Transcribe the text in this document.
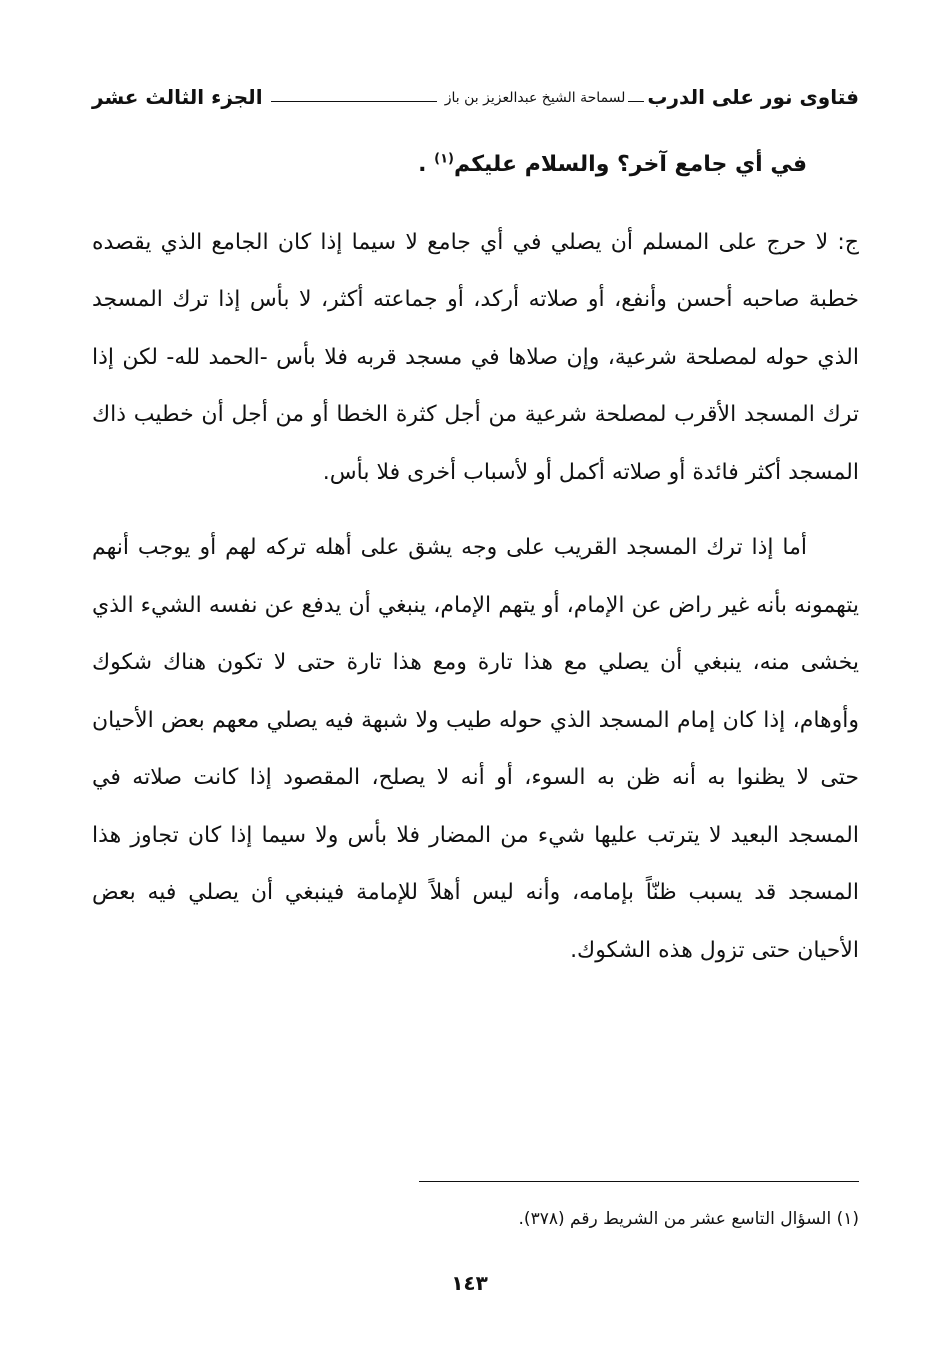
فتاوى نور على الدرب
لسماحة الشيخ عبدالعزيز بن باز
الجزء الثالث عشر

في أي جامع آخر؟ والسلام عليكم$^{(١)}$ .

ج: لا حرج على المسلم أن يصلي في أي جامع لا سيما إذا كان الجامع الذي يقصده خطبة صاحبه أحسن وأنفع، أو صلاته أركد، أو جماعته أكثر، لا بأس إذا ترك المسجد الذي حوله لمصلحة شرعية، وإن صلاها في مسجد قربه فلا بأس -الحمد لله- لكن إذا ترك المسجد الأقرب لمصلحة شرعية من أجل كثرة الخطا أو من أجل أن خطيب ذاك المسجد أكثر فائدة أو صلاته أكمل أو لأسباب أخرى فلا بأس.

أما إذا ترك المسجد القريب على وجه يشق على أهله تركه لهم أو يوجب أنهم يتهمونه بأنه غير راض عن الإمام، أو يتهم الإمام، ينبغي أن يدفع عن نفسه الشيء الذي يخشى منه، ينبغي أن يصلي مع هذا تارة ومع هذا تارة حتى لا تكون هناك شكوك وأوهام، إذا كان إمام المسجد الذي حوله طيب ولا شبهة فيه يصلي معهم بعض الأحيان حتى لا يظنوا به أنه ظن به السوء، أو أنه لا يصلح، المقصود إذا كانت صلاته في المسجد البعيد لا يترتب عليها شيء من المضار فلا بأس ولا سيما إذا كان تجاوز هذا المسجد قد يسبب ظنّاً بإمامه، وأنه ليس أهلاً للإمامة فينبغي أن يصلي فيه بعض الأحيان حتى تزول هذه الشكوك.

(١) السؤال التاسع عشر من الشريط رقم (٣٧٨).
١٤٣
